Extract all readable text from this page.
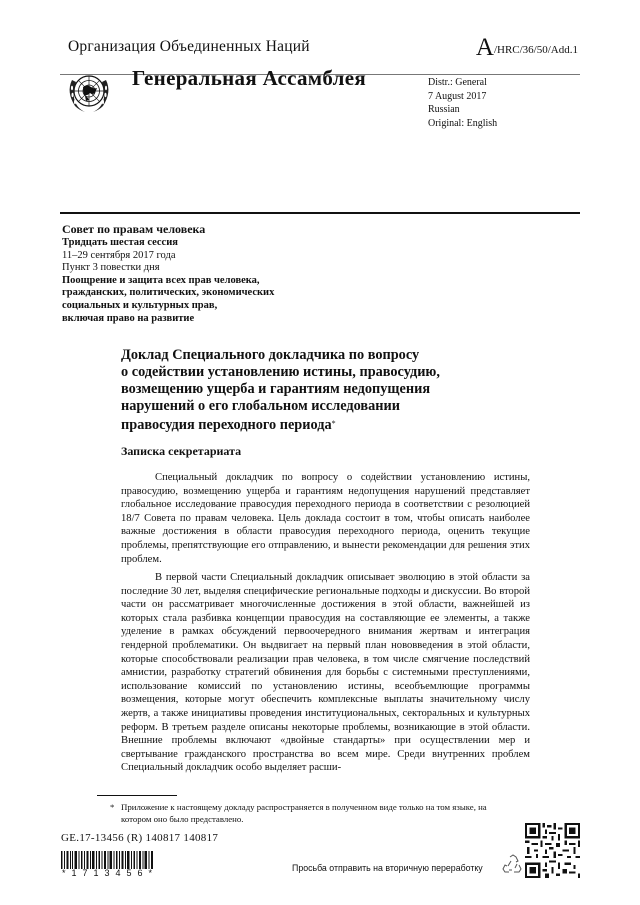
Организация Объединенных Наций	A/HRC/36/50/Add.1
Генеральная Ассамблея	Distr.: General
7 August 2017
Russian
Original: English
Совет по правам человека
Тридцать шестая сессия
11–29 сентября 2017 года
Пункт 3 повестки дня
Поощрение и защита всех прав человека,
гражданских, политических, экономических
социальных и культурных прав,
включая право на развитие
Доклад Специального докладчика по вопросу
о содействии установлению истины, правосудию,
возмещению ущерба и гарантиям недопущения
нарушений о его глобальном исследовании
правосудия переходного периода*
Записка секретариата

Специальный докладчик по вопросу о содействии установлению истины, правосудию, возмещению ущерба и гарантиям недопущения нарушений представляет глобальное исследование правосудия переходного периода в соответствии с резолюцией 18/7 Совета по правам человека. Цель доклада состоит в том, чтобы описать наиболее важные достижения в области правосудия переходного периода, оценить текущие проблемы, препятствующие его отправлению, и вынести рекомендации для решения этих проблем.

В первой части Специальный докладчик описывает эволюцию в этой области за последние 30 лет, выделяя специфические региональные подходы и дискуссии. Во второй части он рассматривает многочисленные достижения в этой области, важнейшей из которых стала разбивка концепции правосудия на составляющие ее элементы, а также уделение в рамках обсуждений первоочередного внимания жертвам и интеграция гендерной проблематики. Он выдвигает на первый план нововведения в этой области, которые способствовали реализации прав человека, в том числе смягчение последствий амнистии, разработку стратегий обвинения для борьбы с системными преступлениями, использование комиссий по установлению истины, всеобъемлющие программы возмещения, которые могут обеспечить комплексные выплаты значительному числу жертв, а также инициативы проведения институциональных, секторальных и культурных реформ. В третьем разделе описаны некоторые проблемы, возникающие в этой области. Внешние проблемы включают «двойные стандарты» при осуществлении мер и свертывание гражданского пространства во всем мире. Среди внутренних проблем Специальный докладчик особо выделяет расши-

* Приложение к настоящему докладу распространяется в полученном виде только на том языке, на котором оно было представлено.
GE.17-13456 (R) 140817 140817
*1713456*	Просьба отправить на вторичную переработку
